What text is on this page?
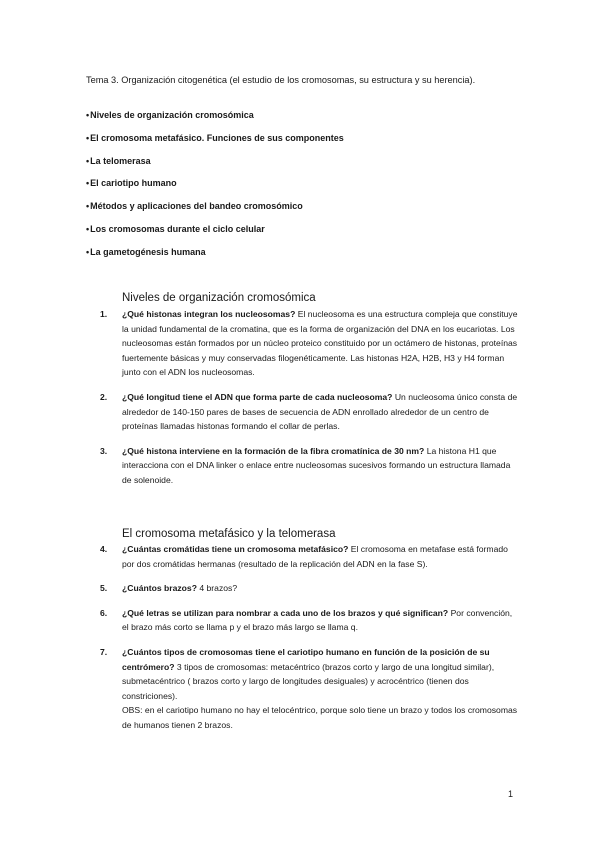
Tema 3. Organización citogenética (el estudio de los cromosomas, su estructura y su herencia).
• Niveles de organización cromosómica
• El cromosoma metafásico. Funciones de sus componentes
• La telomerasa
• El cariotipo humano
• Métodos y aplicaciones del bandeo cromosómico
• Los cromosomas durante el ciclo celular
• La gametogénesis humana
Niveles de organización cromosómica
1. ¿Qué histonas integran los nucleosomas? El nucleosoma es una estructura compleja que constituye la unidad fundamental de la cromatina, que es la forma de organización del DNA en los eucariotas. Los nucleosomas están formados por un núcleo proteico constituido por un octámero de histonas, proteínas fuertemente básicas y muy conservadas filogenéticamente. Las histonas H2A, H2B, H3 y H4 forman junto con el ADN los nucleosomas.
2. ¿Qué longitud tiene el ADN que forma parte de cada nucleosoma? Un nucleosoma único consta de alrededor de 140-150 pares de bases de secuencia de ADN enrollado alrededor de un centro de proteínas llamadas histonas formando el collar de perlas.
3. ¿Qué histona interviene en la formación de la fibra cromatínica de 30 nm? La histona H1 que interacciona con el DNA linker o enlace entre nucleosomas sucesivos formando un estructura llamada de solenoide.
El cromosoma metafásico y la telomerasa
4. ¿Cuántas cromátidas tiene un cromosoma metafásico? El cromosoma en metafase está formado por dos cromátidas hermanas (resultado de la replicación del ADN en la fase S).
5. ¿Cuántos brazos? 4 brazos?
6. ¿Qué letras se utilizan para nombrar a cada uno de los brazos y qué significan? Por convención, el brazo más corto se llama p y el brazo más largo se llama q.
7. ¿Cuántos tipos de cromosomas tiene el cariotipo humano en función de la posición de su centrómero? 3 tipos de cromosomas: metacéntrico (brazos corto y largo de una longitud similar), submetacéntrico ( brazos corto y largo de longitudes desiguales) y acrocéntrico (tienen dos constriciones).
OBS: en el cariotipo humano no hay el telocéntrico, porque solo tiene un brazo y todos los cromosomas de humanos tienen 2 brazos.
1
